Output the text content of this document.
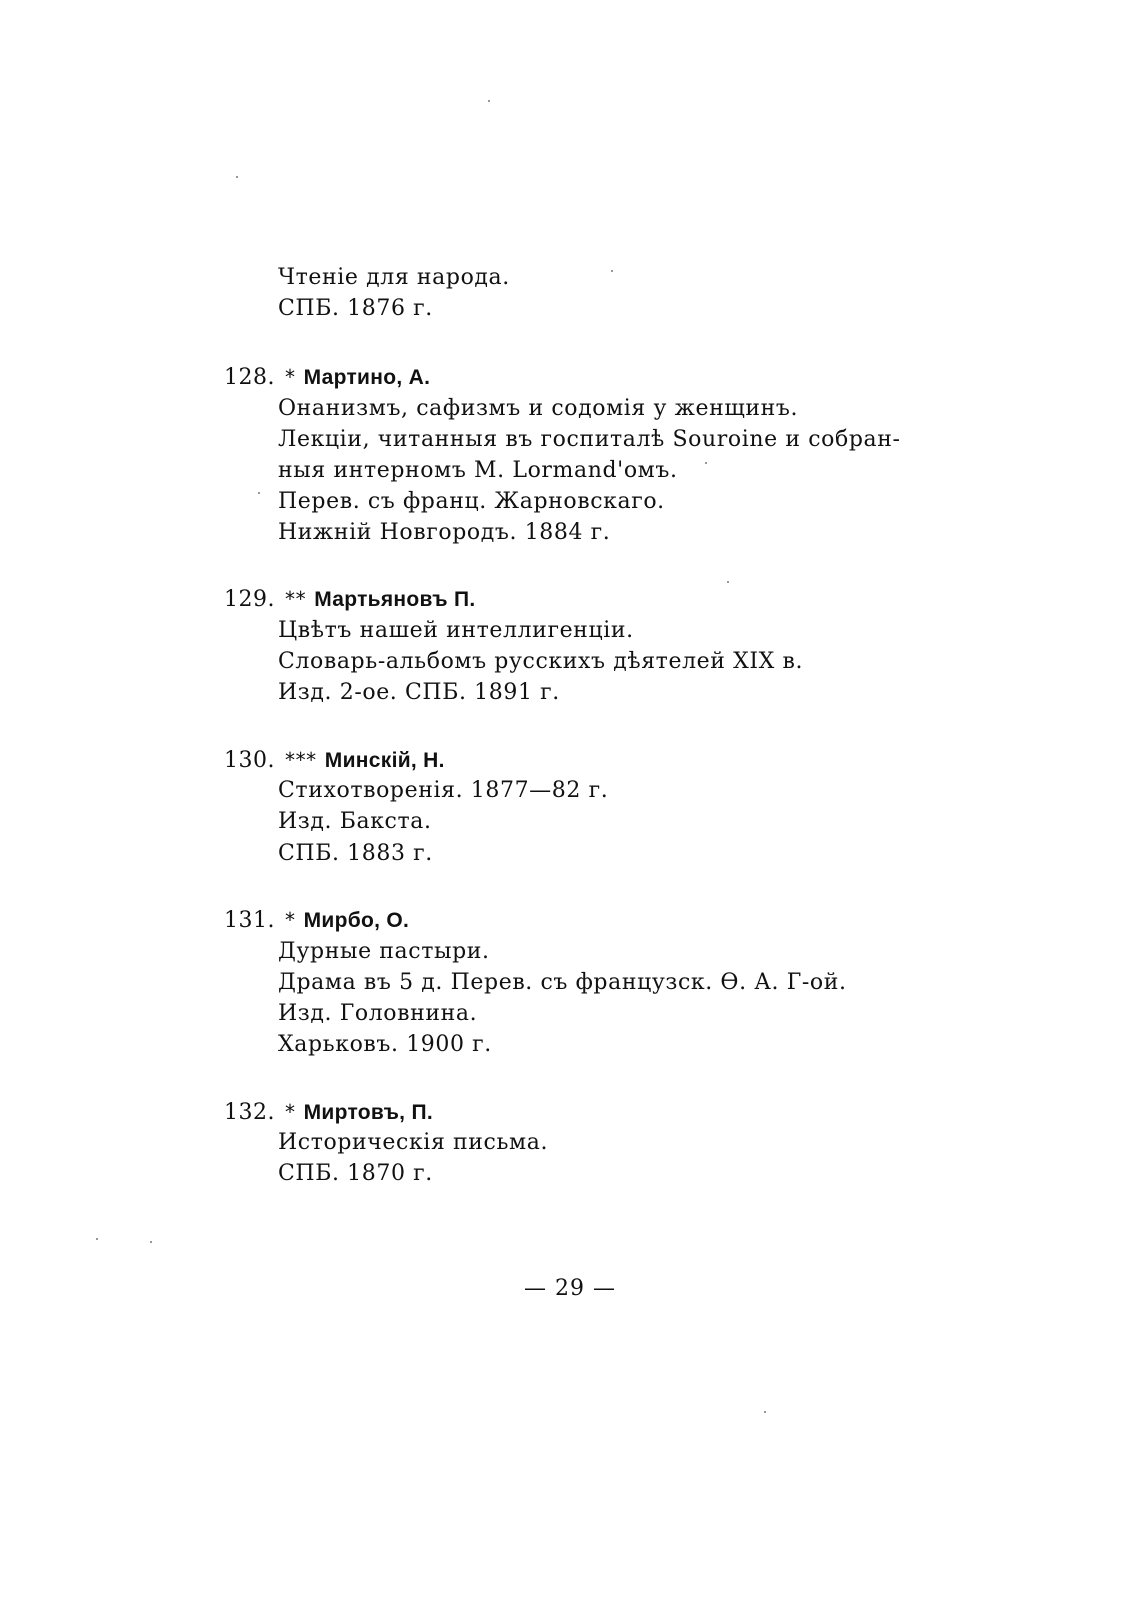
Чтеніе для народа.
СПБ. 1876 г.
128. * Мартино, А.
Онанизмъ, сафизмъ и содомія у женщинъ.
Лекціи, читанныя въ госпиталѣ Souroine и собран-
ныя интерномъ М. Lormand'омъ.
Перев. съ франц. Жарновскаго.
Нижній Новгородъ. 1884 г.
129. ** Мартьяновъ П.
Цвѣтъ нашей интеллигенціи.
Словарь-альбомъ русскихъ дѣятелей XIX в.
Изд. 2-ое. СПБ. 1891 г.
130. *** Минскій, Н.
Стихотворенія. 1877—82 г.
Изд. Бакста.
СПБ. 1883 г.
131. * Мирбо, О.
Дурные пастыри.
Драма въ 5 д. Перев. съ французск. Ѳ. А. Г-ой.
Изд. Головнина.
Харьковъ. 1900 г.
132. * Миртовъ, П.
Историческія письма.
СПБ. 1870 г.
— 29 —
